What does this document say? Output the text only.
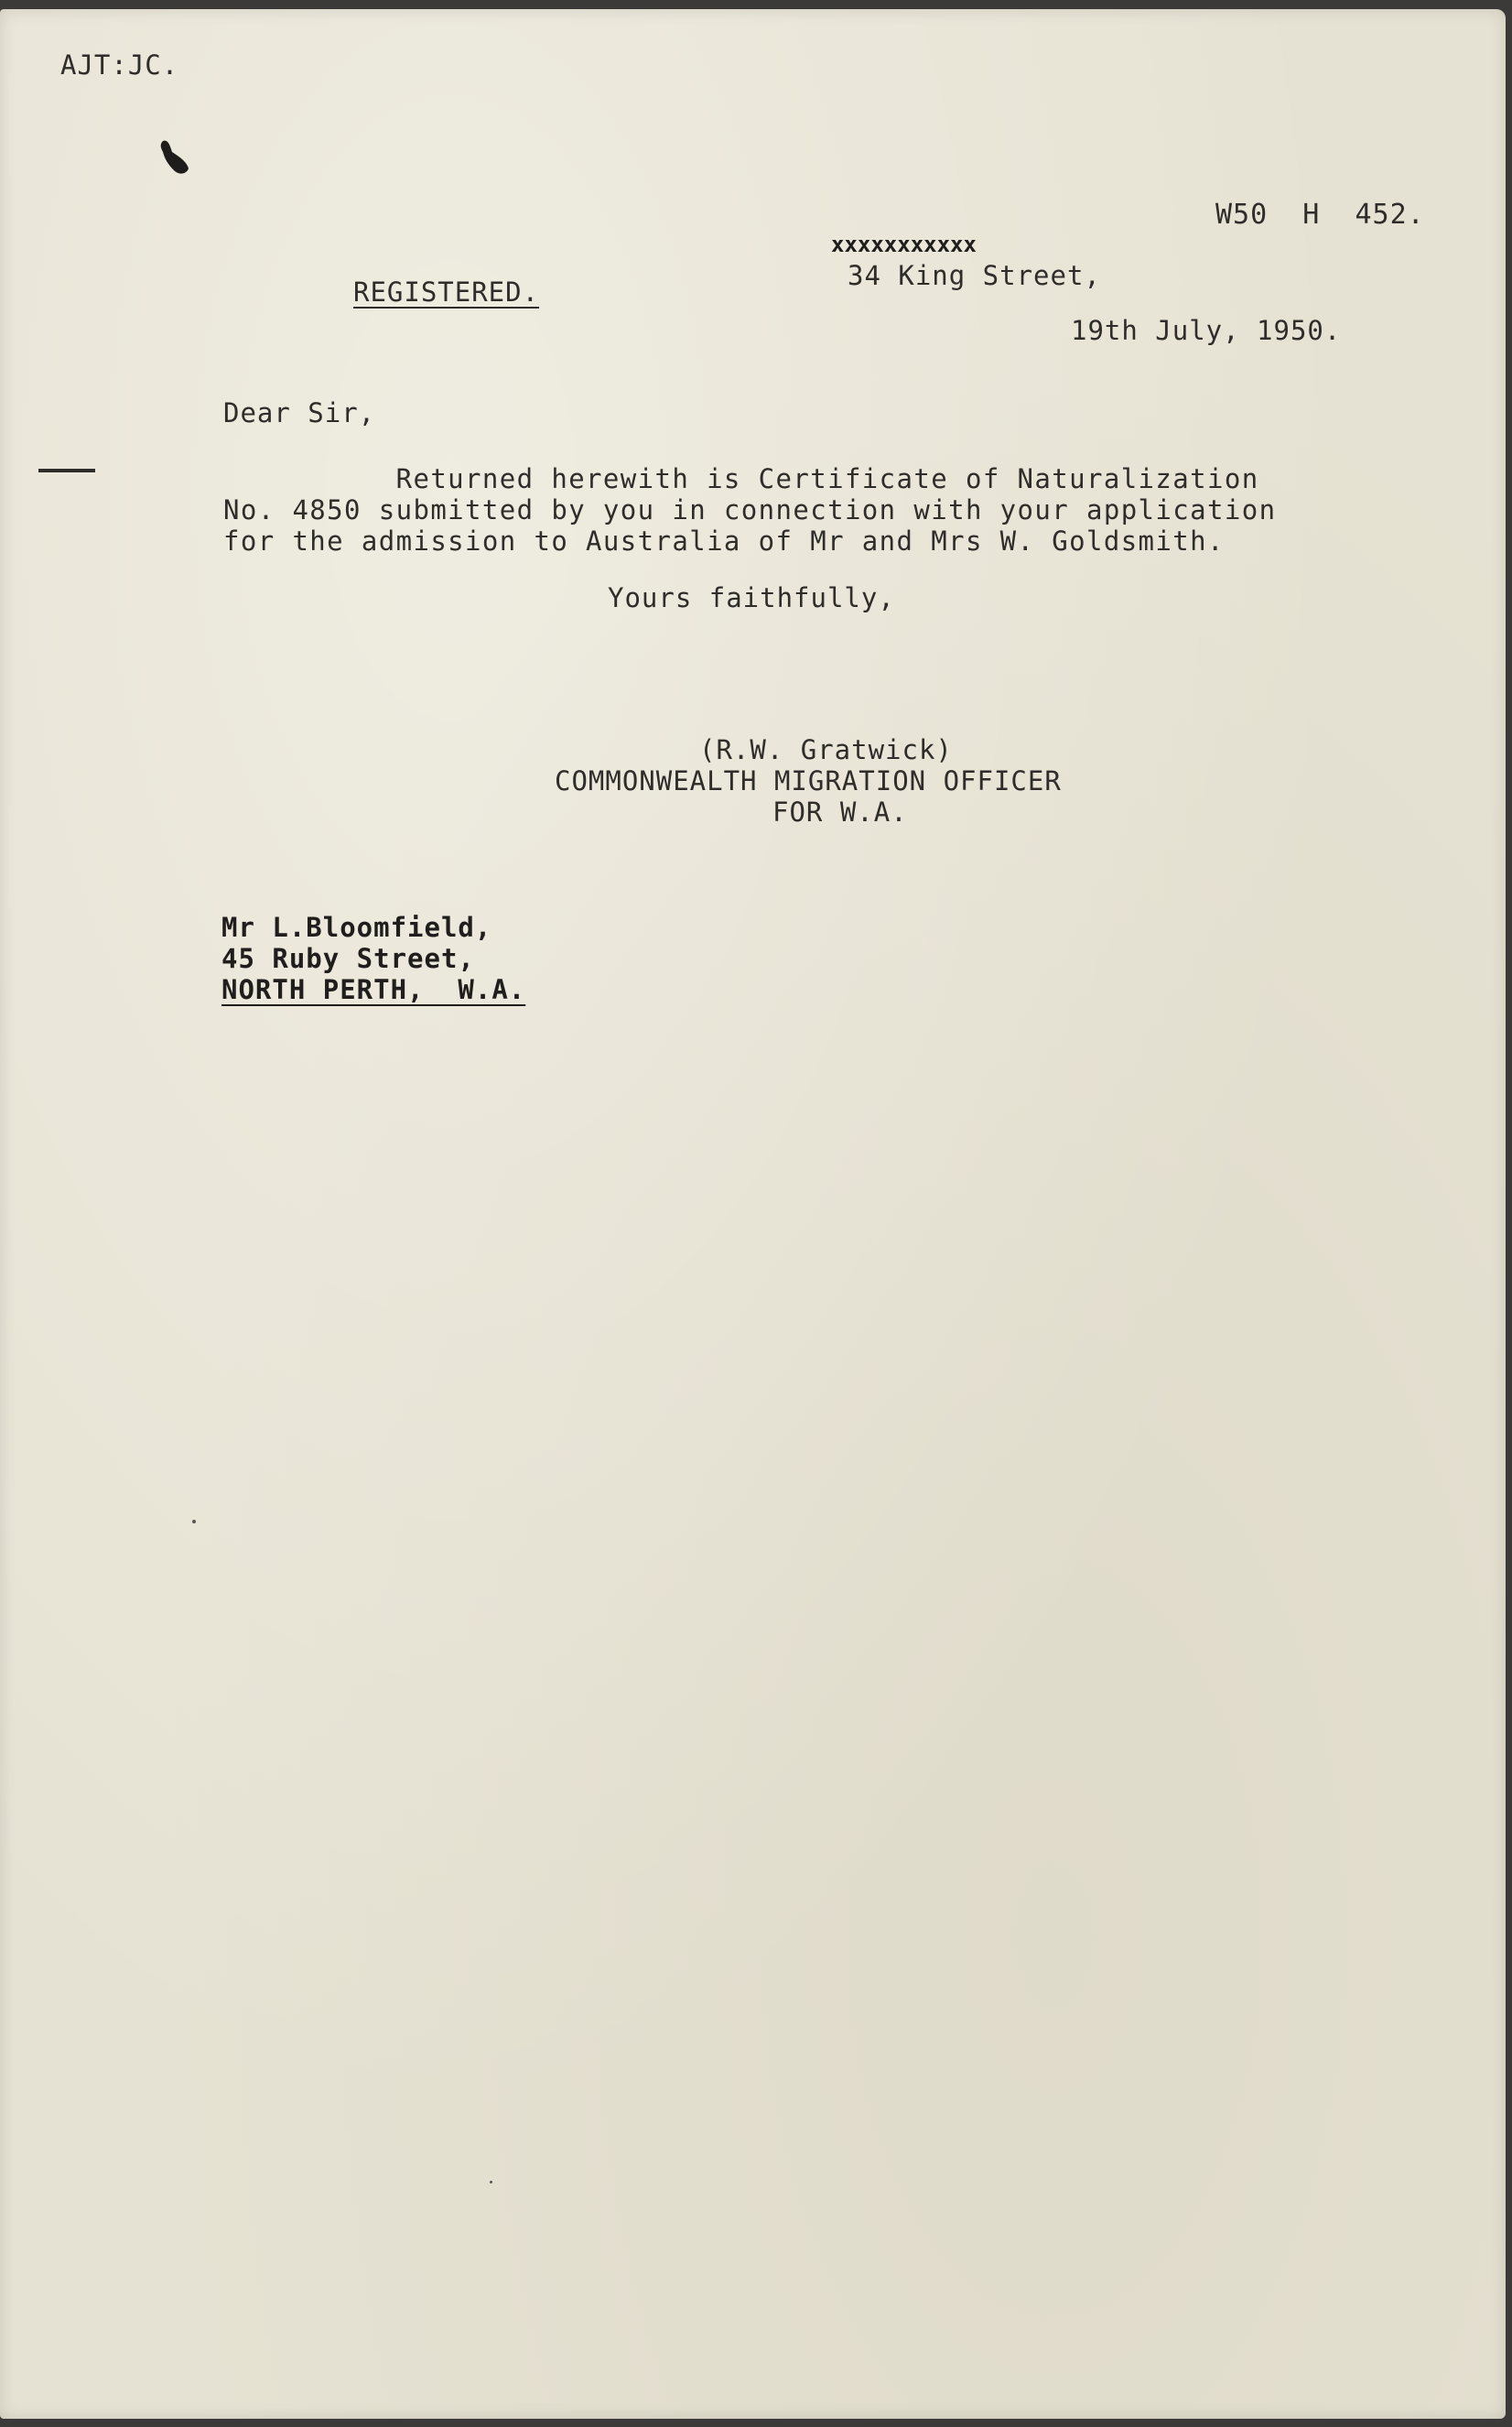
AJT:JC.
W50  H  452.
xxxxxxxxxxx
34 King Street,
REGISTERED.
19th July, 1950.
Dear Sir,
Returned herewith is Certificate of Naturalization
No. 4850 submitted by you in connection with your application
for the admission to Australia of Mr and Mrs W. Goldsmith.
Yours faithfully,
(R.W. Gratwick)
COMMONWEALTH MIGRATION OFFICER
FOR W.A.
Mr L.Bloomfield,
45 Ruby Street,
NORTH PERTH,  W.A.
